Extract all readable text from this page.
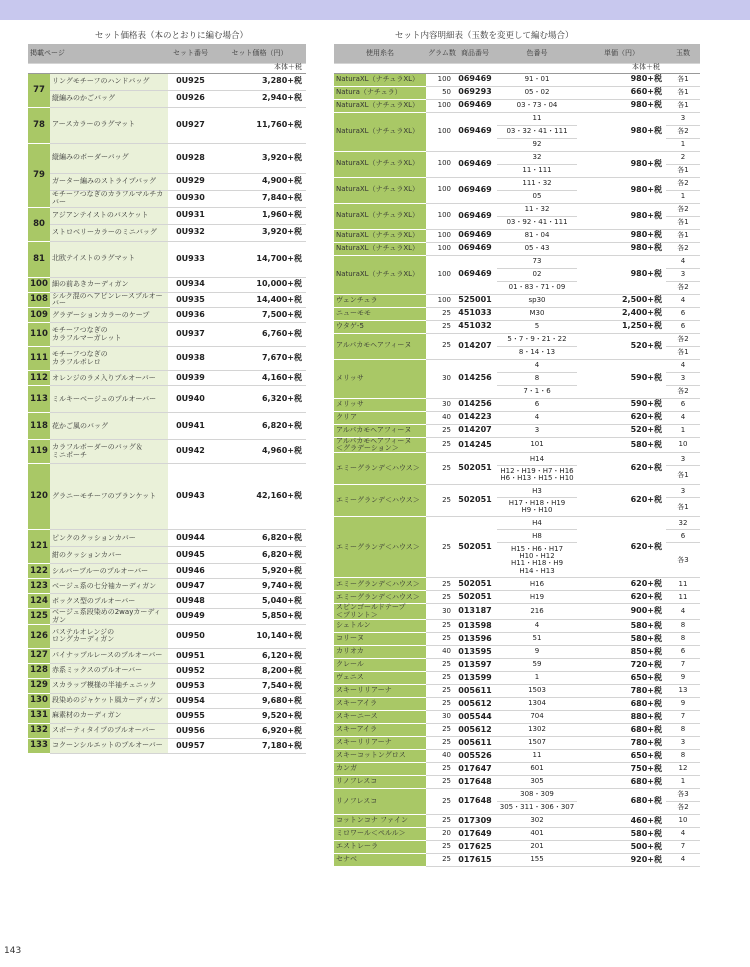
セット価格表（本のとおりに編む場合）	セット内容明細表（玉数を変更して編む場合）
掲載ページ		セット番号	セット価格（円）
本体＋税			
77	リングモチーフのハンドバッグ	0U925	3,280+税
	縦編みのかごバッグ	0U926	2,940+税
78	アースカラーのラグマット	0U927	11,760+税
79	縦編みのボーダーバッグ	0U928	3,920+税
	ガーター編みのストライプバッグ	0U929	4,900+税
	モチーフつなぎのカラフルマルチカバー	0U930	7,840+税
80	アジアンテイストのバスケット	0U931	1,960+税
	ストロベリーカラーのミニバッグ	0U932	3,920+税
81	北欧テイストのラグマット	0U933	14,700+税
100	細の前あきカーディガン	0U934	10,000+税
108	シルク混のヘアピンレースプルオーバー	0U935	14,400+税
109	グラデーションカラーのケープ	0U936	7,500+税
110	モチーフつなぎの
カラフルマーガレット	0U937	6,760+税
111	モチーフつなぎの
カラフルボレロ	0U938	7,670+税
112	オレンジのラメ入りプルオーバー	0U939	4,160+税
113	ミルキーベージュのプルオーバー	0U940	6,320+税
118	花かご風のバッグ	0U941	6,820+税
119	カラフルボーダーのバッグ＆
ミニポーチ	0U942	4,960+税
120	グラニーモチーフのブランケット	0U943	42,160+税
121	ピンクのクッションカバー	0U944	6,820+税
	紺のクッションカバー	0U945	6,820+税
122	シルバーブルーのプルオーバー	0U946	5,920+税
123	ベージュ系の七分袖カーディガン	0U947	9,740+税
124	ボックス型のプルオーバー	0U948	5,040+税
125	ベージュ系段染めの2wayカーディガン	0U949	5,850+税
126	パステルオレンジの
ロングカーディガン	0U950	10,140+税
127	パイナップルレースのプルオーバー	0U951	6,120+税
128	赤系ミックスのプルオーバー	0U952	8,200+税
129	スカラップ模様の半袖チュニック	0U953	7,540+税
130	段染めのジャケット風カーディガン	0U954	9,680+税
131	麻素材のカーディガン	0U955	9,520+税
132	スポーティタイプのプルオーバー	0U956	6,920+税
133	コクーンシルエットのプルオーバー	0U957	7,180+税
使用糸名	グラム数	商品番号	色番号	単価（円）	玉数
本体＋税					
NaturaXL（ナチュラXL）	100	069469	91・01	980+税	各1
Natura（ナチュラ）	50	069293	05・02	660+税	各1
NaturaXL（ナチュラXL）	100	069469	03・73・04	980+税	各1
NaturaXL（ナチュラXL）	100	069469	11	980+税	3
			03・32・41・111		各2
			92		1
NaturaXL（ナチュラXL）	100	069469	32	980+税	2
			11・111		各1
NaturaXL（ナチュラXL）	100	069469	111・32	980+税	各2
			05		1
NaturaXL（ナチュラXL）	100	069469	11・32	980+税	各2
			03・92・41・111		各1
NaturaXL（ナチュラXL）	100	069469	81・04	980+税	各1
NaturaXL（ナチュラXL）	100	069469	05・43	980+税	各2
NaturaXL（ナチュラXL）	100	069469	73	980+税	4
			02		3
			01・83・71・09		各2
ヴェンチュラ	100	525001	sp30	2,500+税	4
ニューモモ	25	451033	M30	2,400+税	6
ウタゲ-5	25	451032	5	1,250+税	6
アルパカモヘアフィーヌ	25	014207	5・7・9・21・22	520+税	各2
			8・14・13		各1
メリッサ	30	014256	4	590+税	4
			8		3
			7・1・6		各2
メリッサ	30	014256	6	590+税	6
クリア	40	014223	4	620+税	4
アルパカモヘアフィーヌ	25	014207	3	520+税	1
アルパカモヘアフィーヌ
＜グラデーション＞	25	014245	101	580+税	10
エミーグランデ＜ハウス＞	25	502051	H14	620+税	3
			H12・H19・H7・H16
H6・H13・H15・H10		各1
エミーグランデ＜ハウス＞	25	502051	H3	620+税	3
			H17・H18・H19
H9・H10		各1
エミーグランデ＜ハウス＞	25	502051	H4	620+税	32
			H8		6
			H15・H6・H17
H10・H12
H11・H18・H9
H14・H13		各3
エミーグランデ＜ハウス＞	25	502051	H16	620+税	11
エミーグランデ＜ハウス＞	25	502051	H19	620+税	11
スピンゴールドテープ
＜プリント＞	30	013187	216	900+税	4
シェトルン	25	013598	4	580+税	8
コリーヌ	25	013596	51	580+税	8
カリオカ	40	013595	9	850+税	6
クレール	25	013597	59	720+税	7
ヴェニス	25	013599	1	650+税	9
スキーリリアーナ	25	005611	1503	780+税	13
スキーアイラ	25	005612	1304	680+税	9
スキーニース	30	005544	704	880+税	7
スキーアイラ	25	005612	1302	680+税	8
スキーリリアーナ	25	005611	1507	780+税	3
スキーコットングロス	40	005526	11	650+税	8
カンガ	25	017647	601	750+税	12
リノフレスコ	25	017648	305	680+税	1
リノフレスコ	25	017648	308・309	680+税	各3
			305・311・306・307		各2
コットンコナ ファイン	25	017309	302	460+税	10
ミロワール＜ペルル＞	20	017649	401	580+税	4
エストレーラ	25	017625	201	500+税	7
セナベ	25	017615	155	920+税	4
143
